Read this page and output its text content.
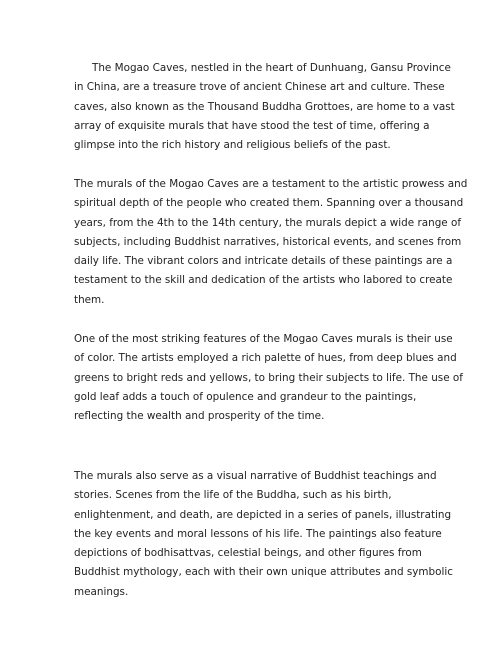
The Mogao Caves, nestled in the heart of Dunhuang, Gansu Province
in China, are a treasure trove of ancient Chinese art and culture. These
caves, also known as the Thousand Buddha Grottoes, are home to a vast
array of exquisite murals that have stood the test of time, offering a
glimpse into the rich history and religious beliefs of the past.

The murals of the Mogao Caves are a testament to the artistic prowess and
spiritual depth of the people who created them. Spanning over a thousand
years, from the 4th to the 14th century, the murals depict a wide range of
subjects, including Buddhist narratives, historical events, and scenes from
daily life. The vibrant colors and intricate details of these paintings are a
testament to the skill and dedication of the artists who labored to create
them.

One of the most striking features of the Mogao Caves murals is their use
of color. The artists employed a rich palette of hues, from deep blues and
greens to bright reds and yellows, to bring their subjects to life. The use of
gold leaf adds a touch of opulence and grandeur to the paintings,
reflecting the wealth and prosperity of the time.

The murals also serve as a visual narrative of Buddhist teachings and
stories. Scenes from the life of the Buddha, such as his birth,
enlightenment, and death, are depicted in a series of panels, illustrating
the key events and moral lessons of his life. The paintings also feature
depictions of bodhisattvas, celestial beings, and other figures from
Buddhist mythology, each with their own unique attributes and symbolic
meanings.
